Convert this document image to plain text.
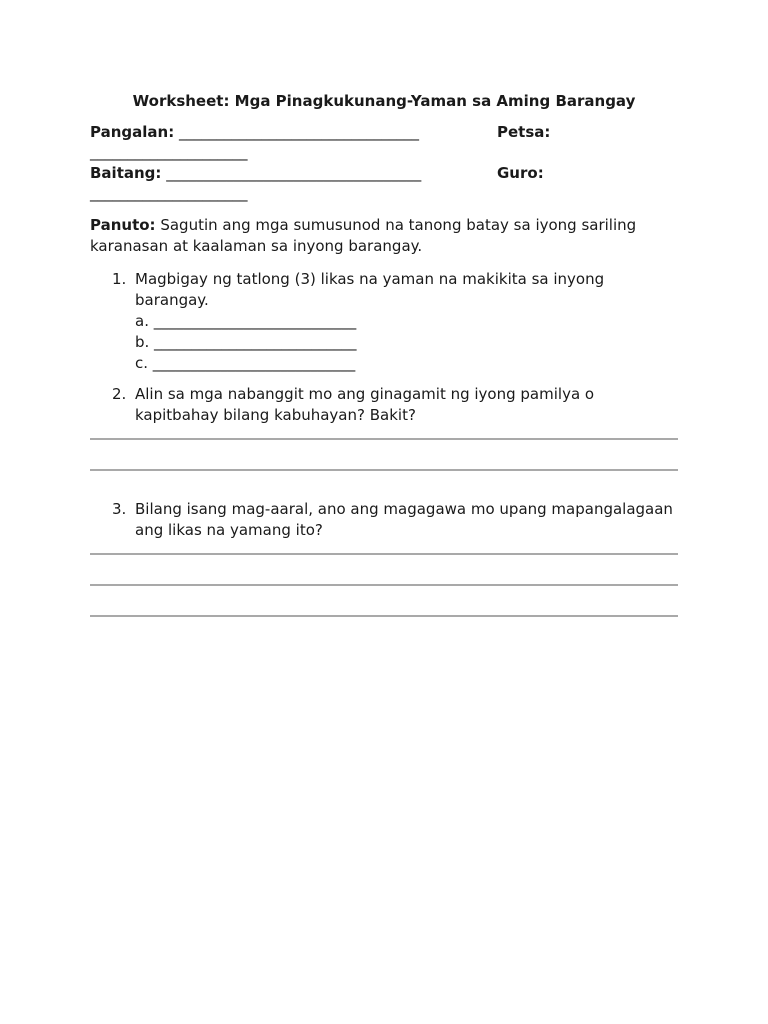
Worksheet: Mga Pinagkukunang-Yaman sa Aming Barangay
Pangalan: ________________________________	Petsa:
_____________________
Baitang: __________________________________	Guro:
_____________________
Panuto: Sagutin ang mga sumusunod na tanong batay sa iyong sariling karanasan at kaalaman sa inyong barangay.
1. Magbigay ng tatlong (3) likas na yaman na makikita sa inyong barangay.
a. ___________________________
b. ___________________________
c. ___________________________
2. Alin sa mga nabanggit mo ang ginagamit ng iyong pamilya o kapitbahay bilang kabuhayan? Bakit?
3. Bilang isang mag-aaral, ano ang magagawa mo upang mapangalagaan ang likas na yamang ito?
